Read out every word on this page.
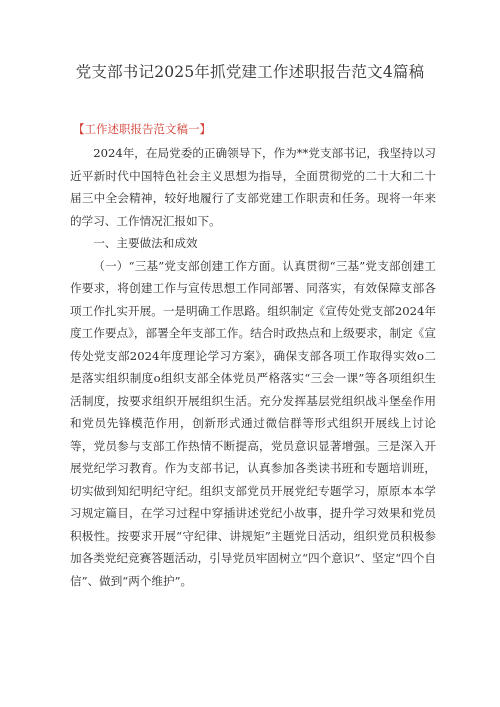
党支部书记2025年抓党建工作述职报告范文4篇稿

【工作述职报告范文稿一】

2024年，在局党委的正确领导下，作为**党支部书记，我坚持以习近平新时代中国特色社会主义思想为指导，全面贯彻党的二十大和二十届三中全会精神，较好地履行了支部党建工作职责和任务。现将一年来的学习、工作情况汇报如下。

一、主要做法和成效

（一）“三基”党支部创建工作方面。认真贯彻“三基”党支部创建工作要求，将创建工作与宣传思想工作同部署、同落实，有效保障支部各项工作扎实开展。一是明确工作思路。组织制定《宣传处党支部2024年度工作要点》，部署全年支部工作。结合时政热点和上级要求，制定《宣传处党支部2024年度理论学习方案》，确保支部各项工作取得实效o二是落实组织制度o组织支部全体党员严格落实“三会一课”等各项组织生活制度，按要求组织开展组织生活。充分发挥基层党组织战斗堡垒作用和党员先锋模范作用，创新形式通过微信群等形式组织开展线上讨论等，党员参与支部工作热情不断提高，党员意识显著增强。三是深入开展党纪学习教育。作为支部书记，认真参加各类读书班和专题培训班，切实做到知纪明纪守纪。组织支部党员开展党纪专题学习，原原本本学习规定篇目，在学习过程中穿插讲述党纪小故事，提升学习效果和党员积极性。按要求开展“守纪律、讲规矩”主题党日活动，组织党员积极参加各类党纪竞赛答题活动，引导党员牢固树立“四个意识”、坚定“四个自信”、做到“两个维护”。
